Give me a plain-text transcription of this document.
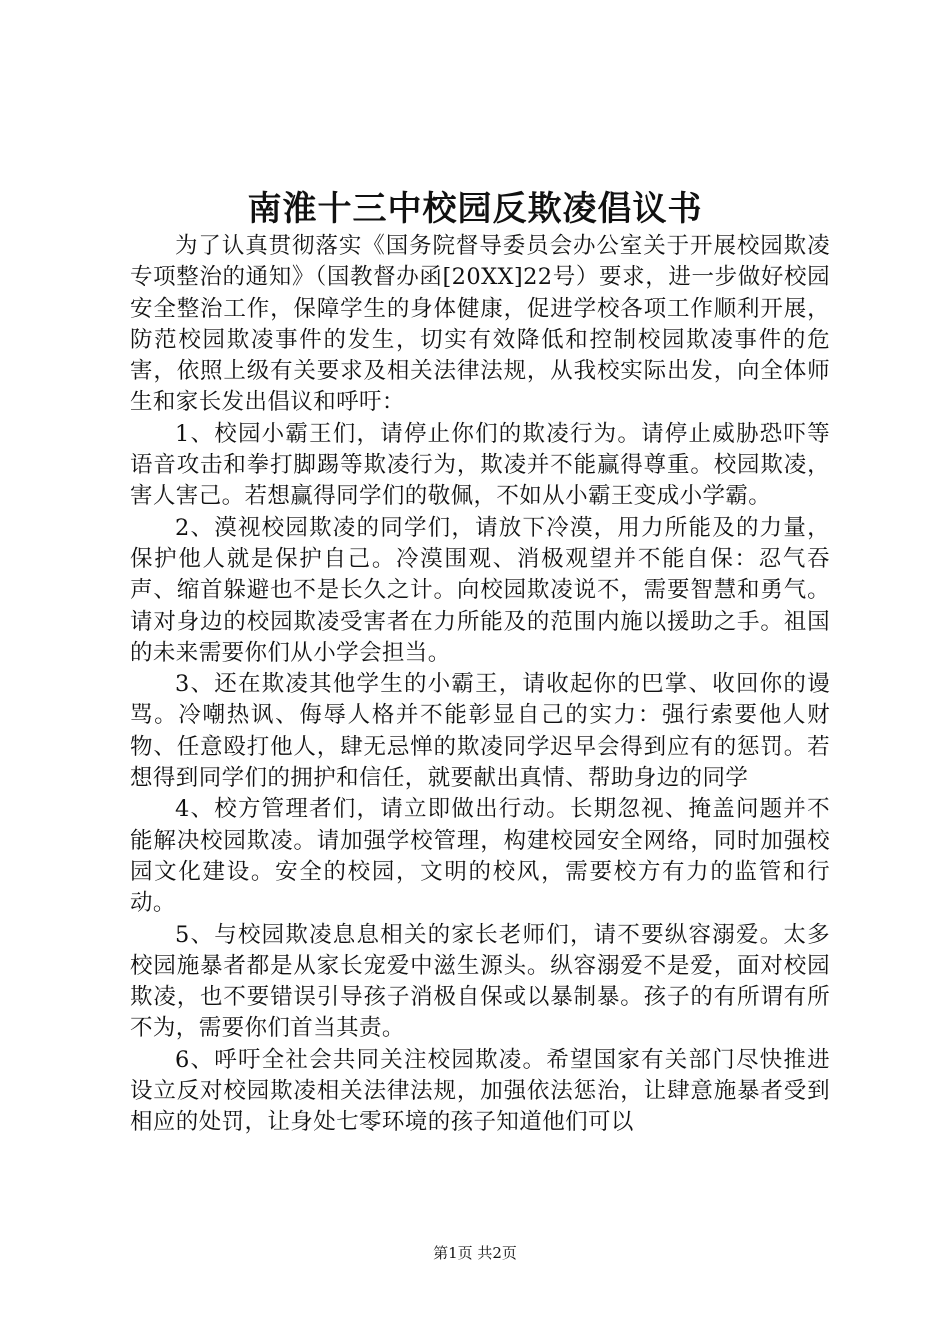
南淮十三中校园反欺凌倡议书

为了认真贯彻落实《国务院督导委员会办公室关于开展校园欺凌专项整治的通知》（国教督办函[20XX]22号）要求，进一步做好校园安全整治工作，保障学生的身体健康，促进学校各项工作顺利开展，防范校园欺凌事件的发生，切实有效降低和控制校园欺凌事件的危害，依照上级有关要求及相关法律法规，从我校实际出发，向全体师生和家长发出倡议和呼吁：

1、校园小霸王们，请停止你们的欺凌行为。请停止威胁恐吓等语音攻击和拳打脚踢等欺凌行为，欺凌并不能赢得尊重。校园欺凌，害人害己。若想赢得同学们的敬佩，不如从小霸王变成小学霸。

2、漠视校园欺凌的同学们，请放下冷漠，用力所能及的力量，保护他人就是保护自己。冷漠围观、消极观望并不能自保：忍气吞声、缩首躲避也不是长久之计。向校园欺凌说不，需要智慧和勇气。请对身边的校园欺凌受害者在力所能及的范围内施以援助之手。祖国的未来需要你们从小学会担当。

3、还在欺凌其他学生的小霸王，请收起你的巴掌、收回你的谩骂。冷嘲热讽、侮辱人格并不能彰显自己的实力：强行索要他人财物、任意殴打他人，肆无忌惮的欺凌同学迟早会得到应有的惩罚。若想得到同学们的拥护和信任，就要献出真情、帮助身边的同学

4、校方管理者们，请立即做出行动。长期忽视、掩盖问题并不能解决校园欺凌。请加强学校管理，构建校园安全网络，同时加强校园文化建设。安全的校园，文明的校风，需要校方有力的监管和行动。

5、与校园欺凌息息相关的家长老师们，请不要纵容溺爱。太多校园施暴者都是从家长宠爱中滋生源头。纵容溺爱不是爱，面对校园欺凌，也不要错误引导孩子消极自保或以暴制暴。孩子的有所谓有所不为，需要你们首当其责。

6、呼吁全社会共同关注校园欺凌。希望国家有关部门尽快推进设立反对校园欺凌相关法律法规，加强依法惩治，让肆意施暴者受到相应的处罚，让身处七零环境的孩子知道他们可以

第1页 共2页
